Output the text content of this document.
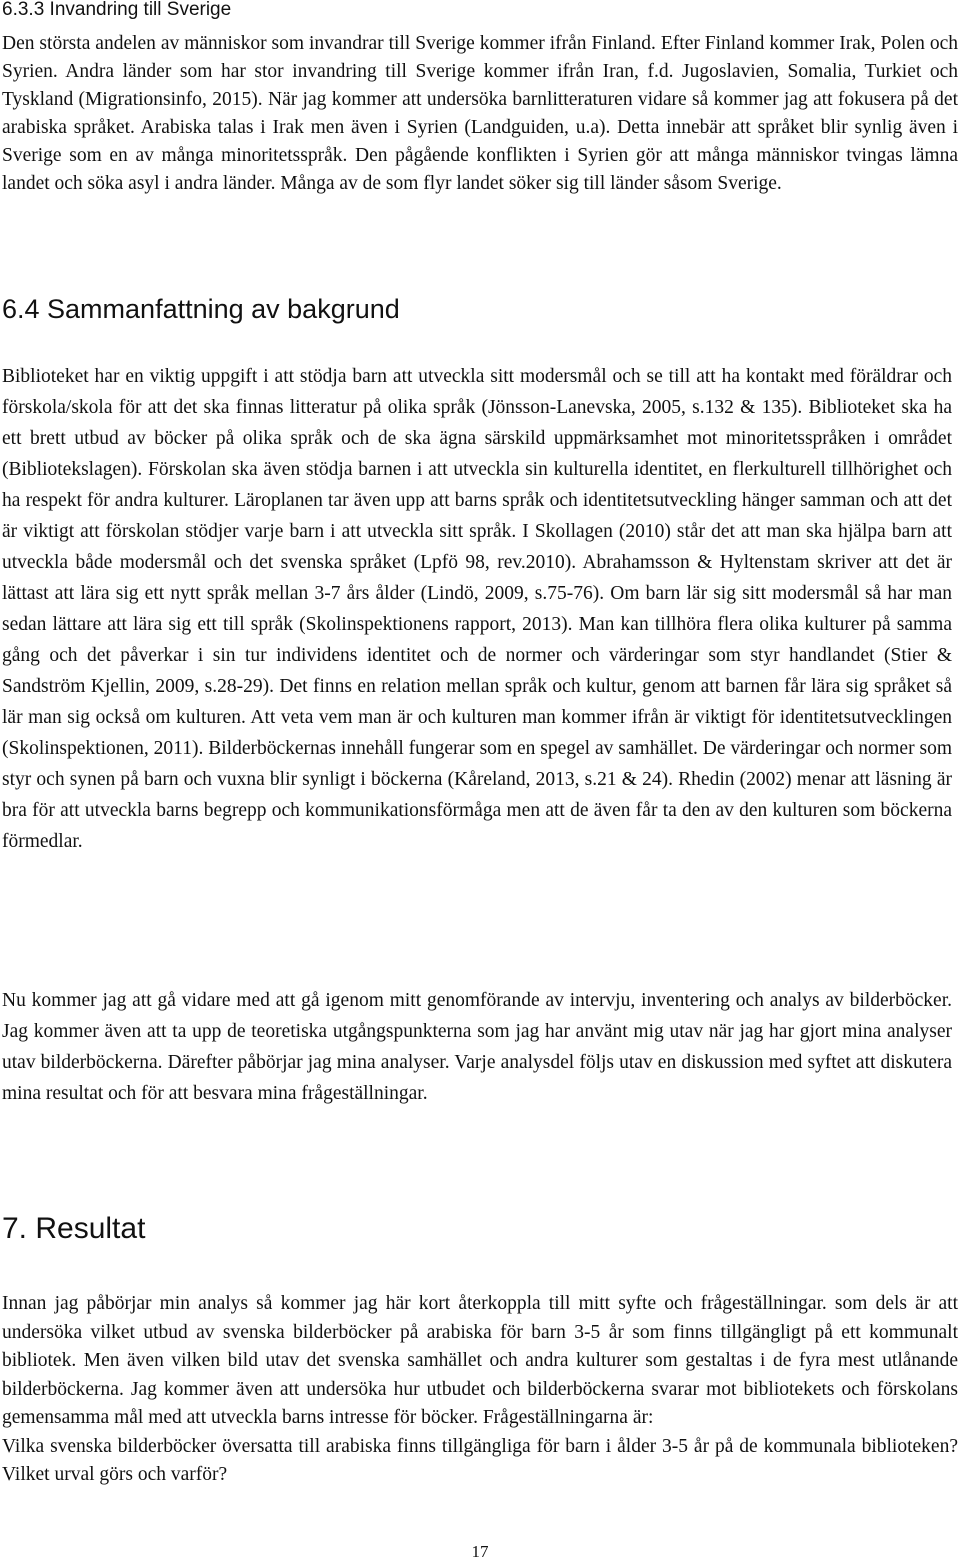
6.3.3 Invandring till Sverige

Den största andelen av människor som invandrar till Sverige kommer ifrån Finland. Efter Finland kommer Irak, Polen och Syrien. Andra länder som har stor invandring till Sverige kommer ifrån Iran, f.d. Jugoslavien, Somalia, Turkiet och Tyskland (Migrationsinfo, 2015). När jag kommer att undersöka barnlitteraturen vidare så kommer jag att fokusera på det arabiska språket. Arabiska talas i Irak men även i Syrien (Landguiden, u.a). Detta innebär att språket blir synlig även i Sverige som en av många minoritetsspråk. Den pågående konflikten i Syrien gör att många människor tvingas lämna landet och söka asyl i andra länder. Många av de som flyr landet söker sig till länder såsom Sverige.

6.4 Sammanfattning av bakgrund

Biblioteket har en viktig uppgift i att stödja barn att utveckla sitt modersmål och se till att ha kontakt med föräldrar och förskola/skola för att det ska finnas litteratur på olika språk (Jönsson-Lanevska, 2005, s.132 & 135). Biblioteket ska ha ett brett utbud av böcker på olika språk och de ska ägna särskild uppmärksamhet mot minoritetsspråken i området (Bibliotekslagen). Förskolan ska även stödja barnen i att utveckla sin kulturella identitet, en flerkulturell tillhörighet och ha respekt för andra kulturer. Läroplanen tar även upp att barns språk och identitetsutveckling hänger samman och att det är viktigt att förskolan stödjer varje barn i att utveckla sitt språk. I Skollagen (2010) står det att man ska hjälpa barn att utveckla både modersmål och det svenska språket (Lpfö 98, rev.2010). Abrahamsson & Hyltenstam skriver att det är lättast att lära sig ett nytt språk mellan 3-7 års ålder (Lindö, 2009, s.75-76). Om barn lär sig sitt modersmål så har man sedan lättare att lära sig ett till språk (Skolinspektionens rapport, 2013). Man kan tillhöra flera olika kulturer på samma gång och det påverkar i sin tur individens identitet och de normer och värderingar som styr handlandet (Stier & Sandström Kjellin, 2009, s.28-29). Det finns en relation mellan språk och kultur, genom att barnen får lära sig språket så lär man sig också om kulturen. Att veta vem man är och kulturen man kommer ifrån är viktigt för identitetsutvecklingen (Skolinspektionen, 2011). Bilderböckernas innehåll fungerar som en spegel av samhället. De värderingar och normer som styr och synen på barn och vuxna blir synligt i böckerna (Kåreland, 2013, s.21 & 24). Rhedin (2002) menar att läsning är bra för att utveckla barns begrepp och kommunikationsförmåga men att de även får ta den av den kulturen som böckerna förmedlar.

Nu kommer jag att gå vidare med att gå igenom mitt genomförande av intervju, inventering och analys av bilderböcker. Jag kommer även att ta upp de teoretiska utgångspunkterna som jag har använt mig utav när jag har gjort mina analyser utav bilderböckerna. Därefter påbörjar jag mina analyser. Varje analysdel följs utav en diskussion med syftet att diskutera mina resultat och för att besvara mina frågeställningar.

7. Resultat
Innan jag påbörjar min analys så kommer jag här kort återkoppla till mitt syfte och frågeställningar. som dels är att undersöka vilket utbud av svenska bilderböcker på arabiska för barn 3-5 år som finns tillgängligt på ett kommunalt bibliotek. Men även vilken bild utav det svenska samhället och andra kulturer som gestaltas i de fyra mest utlånande bilderböckerna. Jag kommer även att undersöka hur utbudet och bilderböckerna svarar mot bibliotekets och förskolans gemensamma mål med att utveckla barns intresse för böcker. Frågeställningarna är:
Vilka svenska bilderböcker översatta till arabiska finns tillgängliga för barn i ålder 3-5 år på de kommunala biblioteken? Vilket urval görs och varför?
17
